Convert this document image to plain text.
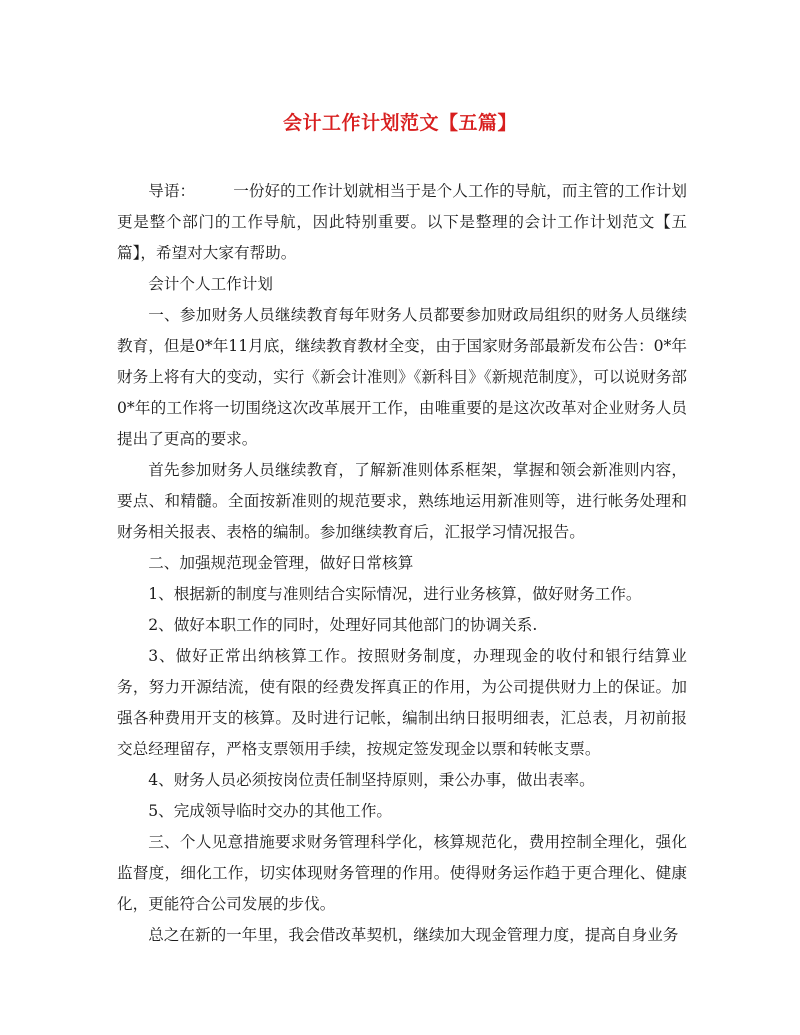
会计工作计划范文【五篇】

导语： 一份好的工作计划就相当于是个人工作的导航，而主管的工作计划更是整个部门的工作导航，因此特别重要。以下是整理的会计工作计划范文【五篇】，希望对大家有帮助。

会计个人工作计划

一、参加财务人员继续教育每年财务人员都要参加财政局组织的财务人员继续教育，但是0*年11月底，继续教育教材全变，由于国家财务部最新发布公告：0*年财务上将有大的变动，实行《新会计准则》《新科目》《新规范制度》，可以说财务部0*年的工作将一切围绕这次改革展开工作，由唯重要的是这次改革对企业财务人员提出了更高的要求。

首先参加财务人员继续教育，了解新准则体系框架，掌握和领会新准则内容，要点、和精髓。全面按新准则的规范要求，熟练地运用新准则等，进行帐务处理和财务相关报表、表格的编制。参加继续教育后，汇报学习情况报告。

二、加强规范现金管理，做好日常核算

1、根据新的制度与准则结合实际情况，进行业务核算，做好财务工作。

2、做好本职工作的同时，处理好同其他部门的协调关系.

3、做好正常出纳核算工作。按照财务制度，办理现金的收付和银行结算业务，努力开源结流，使有限的经费发挥真正的作用，为公司提供财力上的保证。加强各种费用开支的核算。及时进行记帐，编制出纳日报明细表，汇总表，月初前报交总经理留存，严格支票领用手续，按规定签发现金以票和转帐支票。

4、财务人员必须按岗位责任制坚持原则，秉公办事，做出表率。

5、完成领导临时交办的其他工作。

三、个人见意措施要求财务管理科学化，核算规范化，费用控制全理化，强化监督度，细化工作，切实体现财务管理的作用。使得财务运作趋于更合理化、健康化，更能符合公司发展的步伐。

总之在新的一年里，我会借改革契机，继续加大现金管理力度，提高自身业务
